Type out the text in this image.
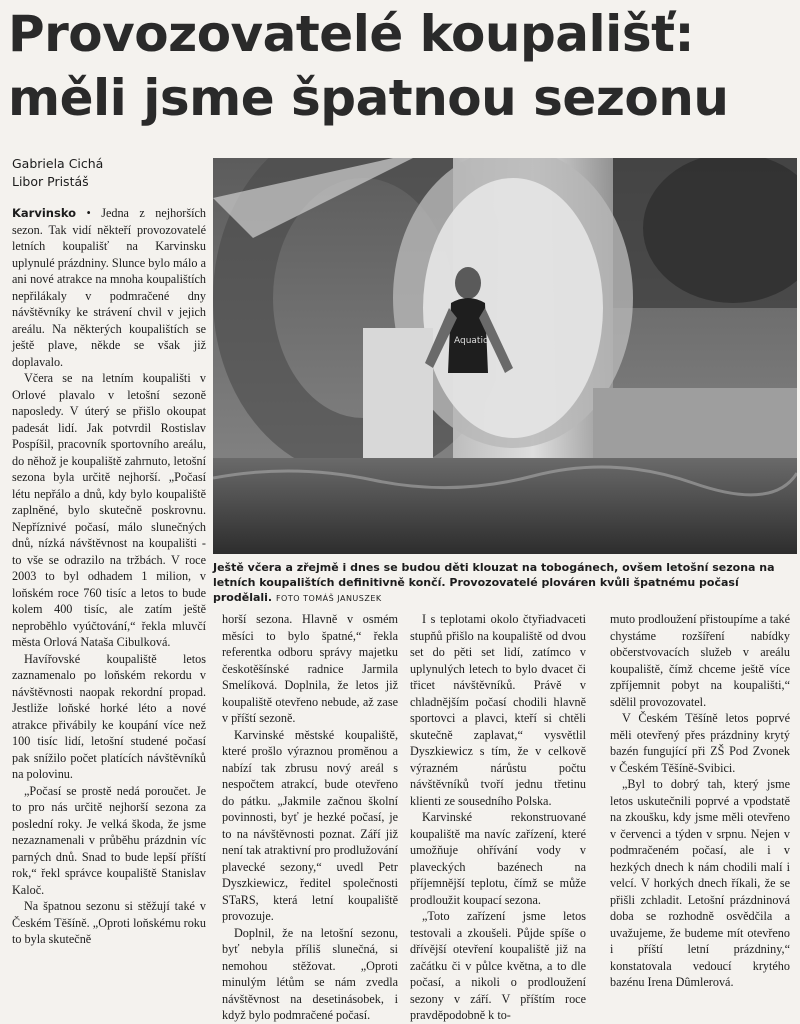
Provozovatelé koupališť:
měli jsme špatnou sezonu
Gabriela Cichá
Libor Pristáš

Karvinsko • Jedna z nejhorších sezon. Tak vidí někteří provozovatelé letních koupališť na Karvinsku uplynulé prázdniny. Slunce bylo málo a ani nové atrakce na mnoha koupalištích nepřilákaly v podmračené dny návštěvníky ke strávení chvil v jejich areálu. Na některých koupalištích se ještě plave, někde se však již doplavalo.

Včera se na letním koupališti v Orlové plavalo v letošní sezoně naposledy. V úterý se přišlo okoupat padesát lidí. Jak potvrdil Rostislav Pospíšil, pracovník sportovního areálu, do něhož je koupaliště zahrnuto, letošní sezona byla určitě nejhorší. „Počasí létu nepřálo a dnů, kdy bylo koupaliště zaplněné, bylo skutečně poskrovnu. Nepříznivé počasí, málo slunečných dnů, nízká návštěvnost na koupališti - to vše se odrazilo na tržbách. V roce 2003 to byl odhadem 1 milion, v loňském roce 760 tisíc a letos to bude kolem 400 tisíc, ale zatím ještě neproběhlo vyúčtování,“ řekla mluvčí města Orlová Nataša Cibulková.

Havířovské koupaliště letos zaznamenalo po loňském rekordu v návštěvnosti naopak rekordní propad. Jestliže loňské horké léto a nové atrakce přivábily ke koupání více než 100 tisíc lidí, letošní studené počasí pak snížilo počet platících návštěvníků na polovinu.

„Počasí se prostě nedá poroučet. Je to pro nás určitě nejhorší sezona za poslední roky. Je velká škoda, že jsme nezaznamenali v průběhu prázdnin víc parných dnů. Snad to bude lepší příští rok,“ řekl správce koupaliště Stanislav Kaloč.

Na špatnou sezonu si stěžují také v Českém Těšíně. „Oproti loňskému roku to byla skutečně

Aquatic
Ještě včera a zřejmě i dnes se budou děti klouzat na tobogánech, ovšem letošní sezona na letních koupalištích definitivně končí. Provozovatelé plováren kvůli špatnému počasí prodělali. FOTO TOMÁŠ JANUSZEK

horší sezona. Hlavně v osmém měsíci to bylo špatné,“ řekla referentka odboru správy majetku českotěšínské radnice Jarmila Smelíková. Doplnila, že letos již koupaliště otevřeno nebude, až zase v příští sezoně.

Karvinské městské koupaliště, které prošlo výraznou proměnou a nabízí tak zbrusu nový areál s nespočtem atrakcí, bude otevřeno do pátku. „Jakmile začnou školní povinnosti, byť je hezké počasí, je to na návštěvnosti poznat. Září již není tak atraktivní pro prodlužování plavecké sezony,“ uvedl Petr Dyszkiewicz, ředitel společnosti STaRS, která letní koupaliště provozuje.

Doplnil, že na letošní sezonu, byť nebyla příliš slunečná, si nemohou stěžovat. „Oproti minulým létům se nám zvedla návštěvnost na desetinásobek, i když bylo podmračené počasí.

I s teplotami okolo čtyřiadvaceti stupňů přišlo na koupaliště od dvou set do pěti set lidí, zatímco v uplynulých letech to bylo dvacet či třicet návštěvníků. Právě v chladnějším počasí chodili hlavně sportovci a plavci, kteří si chtěli skutečně zaplavat,“ vysvětlil Dyszkiewicz s tím, že v celkově výrazném nárůstu počtu návštěvníků tvoří jednu třetinu klienti ze sousedního Polska.

Karvinské rekonstruované koupaliště ma navíc zařízení, které umožňuje ohřívání vody v plaveckých bazénech na příjemnější teplotu, čímž se může prodloužit koupací sezona.

„Toto zařízení jsme letos testovali a zkoušeli. Půjde spíše o dřívější otevření koupaliště již na začátku či v půlce května, a to dle počasí, a nikoli o prodloužení sezony v září. V příštím roce pravděpodobně k to-

muto prodloužení přistoupíme a také chystáme rozšíření nabídky občerstvovacích služeb v areálu koupaliště, čímž chceme ještě více zpříjemnit pobyt na koupališti,“ sdělil provozovatel.

V Českém Těšíně letos poprvé měli otevřený přes prázdniny krytý bazén fungující při ZŠ Pod Zvonek v Českém Těšíně-Svibici.

„Byl to dobrý tah, který jsme letos uskutečnili poprvé a vpodstatě na zkoušku, kdy jsme měli otevřeno v červenci a týden v srpnu. Nejen v podmračeném počasí, ale i v hezkých dnech k nám chodili malí i velcí. V horkých dnech říkali, že se přišli zchladit. Letošní prázdninová doba se rozhodně osvědčila a uvažujeme, že budeme mít otevřeno i příští letní prázdniny,“ konstatovala vedoucí krytého bazénu Irena Dûmlerová.
